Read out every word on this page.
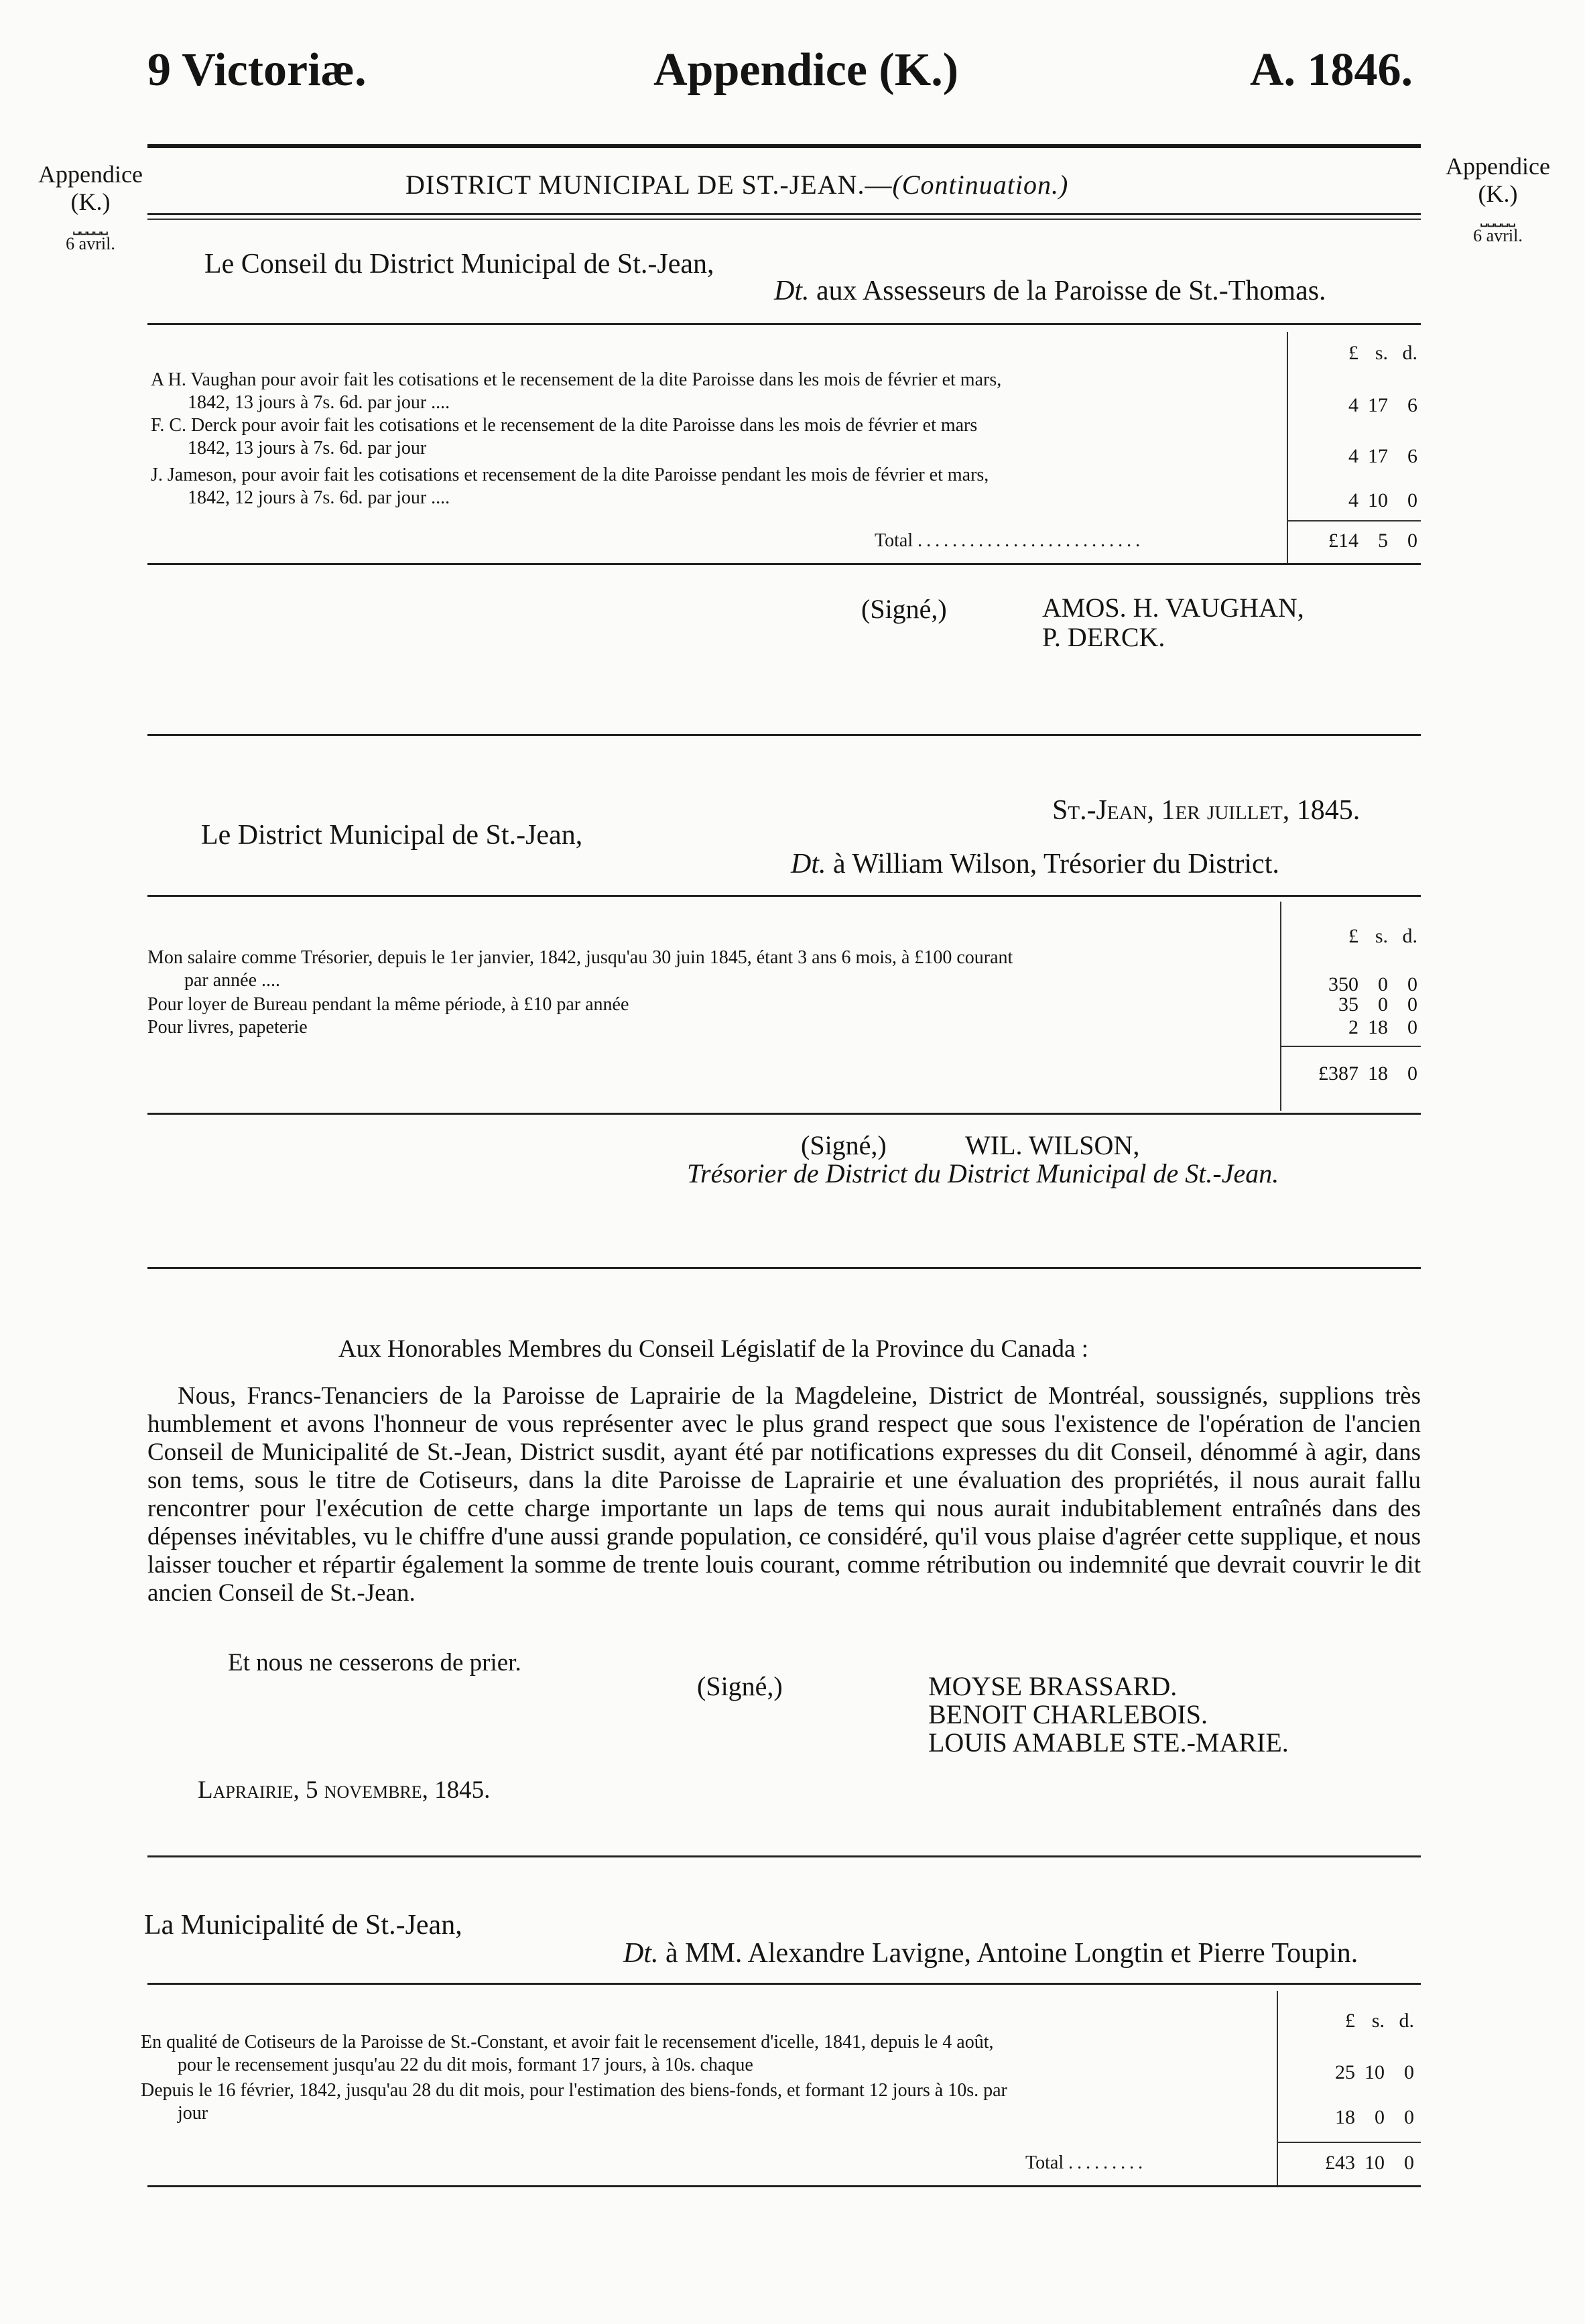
9 Victoriæ.	Appendice (K.)	A. 1846.
Appendice
(K.)
⎵⎵⎵⎵⎵
6 avril.
Appendice
(K.)
⎵⎵⎵⎵⎵
6 avril.
DISTRICT MUNICIPAL DE ST.-JEAN.—(Continuation.)
Le Conseil du District Municipal de St.-Jean,
Dt. aux Assesseurs de la Paroisse de St.-Thomas.
£ s. d.
A H. Vaughan pour avoir fait les cotisations et le recensement de la dite Paroisse dans les mois de février et mars,
1842, 13 jours à 7s. 6d. par jour ....	4 17 6
F. C. Derck pour avoir fait les cotisations et le recensement de la dite Paroisse dans les mois de février et mars
1842, 13 jours à 7s. 6d. par jour	4 17 6
J. Jameson, pour avoir fait les cotisations et recensement de la dite Paroisse pendant les mois de février et mars,
1842, 12 jours à 7s. 6d. par jour ....	4 10 0
Total ..........................	£14 5 0
(Signé,)	AMOS. H. VAUGHAN,
P. DERCK.
St.-Jean, 1er juillet, 1845.
Le District Municipal de St.-Jean,
Dt. à William Wilson, Trésorier du District.
£ s. d.
Mon salaire comme Trésorier, depuis le 1er janvier, 1842, jusqu'au 30 juin 1845, étant 3 ans 6 mois, à £100 courant
par année ....	350 0 0
Pour loyer de Bureau pendant la même période, à £10 par année	35 0 0
Pour livres, papeterie	2 18 0
£387 18 0
(Signé,)	WIL. WILSON,
Trésorier de District du District Municipal de St.-Jean.
Aux Honorables Membres du Conseil Législatif de la Province du Canada :
Nous, Francs-Tenanciers de la Paroisse de Laprairie de la Magdeleine, District de Montréal, soussignés, supplions très humblement et avons l'honneur de vous représenter avec le plus grand respect que sous l'existence de l'opération de l'ancien Conseil de Municipalité de St.-Jean, District susdit, ayant été par notifications expresses du dit Conseil, dénommé à agir, dans son tems, sous le titre de Cotiseurs, dans la dite Paroisse de Laprairie et une évaluation des propriétés, il nous aurait fallu rencontrer pour l'exécution de cette charge importante un laps de tems qui nous aurait indubitablement entraînés dans des dépenses inévitables, vu le chiffre d'une aussi grande population, ce considéré, qu'il vous plaise d'agréer cette supplique, et nous laisser toucher et répartir également la somme de trente louis courant, comme rétribution ou indemnité que devrait couvrir le dit ancien Conseil de St.-Jean.
Et nous ne cesserons de prier.
(Signé,)	MOYSE BRASSARD.
BENOIT CHARLEBOIS.
LOUIS AMABLE STE.-MARIE.
Laprairie, 5 novembre, 1845.
La Municipalité de St.-Jean,
Dt. à MM. Alexandre Lavigne, Antoine Longtin et Pierre Toupin.
£ s. d.
En qualité de Cotiseurs de la Paroisse de St.-Constant, et avoir fait le recensement d'icelle, 1841, depuis le 4 août,
pour le recensement jusqu'au 22 du dit mois, formant 17 jours, à 10s. chaque	25 10 0
Depuis le 16 février, 1842, jusqu'au 28 du dit mois, pour l'estimation des biens-fonds, et formant 12 jours à 10s. par
jour	18 0 0
Total .........	£43 10 0
